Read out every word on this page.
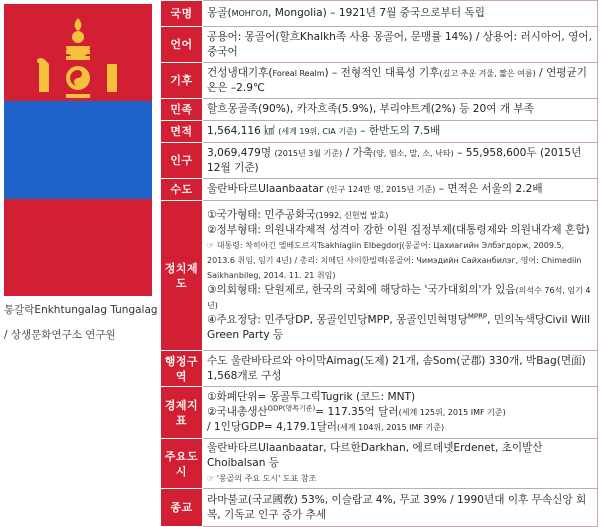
통갈락Enkhtungalag Tungalag
/ 상생문화연구소 연구원
국명	몽골(МОНГОЛ, Mongolia) – 1921년 7월 중국으로부터 독립
언어	공용어: 몽골어(할흐Khalkh족 사용 몽골어, 문맹률 14%) / 상용어: 러시아어, 영어, 중국어
기후	건성냉대기후(Foreal Realm) – 전형적인 대륙성 기후(길고 추운 겨울, 짧은 여름) / 연평균기온은 –2.9℃
민족	할흐몽골족(90%), 카자흐족(5.9%), 부리야트계(2%) 등 20여 개 부족
면적	1,564,116 ㎢ (세계 19위, CIA 기준) – 한반도의 7.5배
인구	3,069,479명 (2015년 3월 기준) / 가축(양, 염소, 말, 소, 낙타) – 55,958,600두 (2015년 12월 기준)
수도	울란바타르Ulaanbaatar (인구 124만 명, 2015년 기준) – 면적은 서울의 2.2배
정치제도	①국가형태: 민주공화국(1992, 신헌법 발효)
②정부형태: 의원내각제적 성격이 강한 이원 집정부제(대통령제와 의원내각제 혼합)
☞ 대통령: 차히아긴 엘베도르지Tsakhiagiin Elbegdorj(몽골어: Цахиагийн Элбэгдорж, 2009.5, 2013.6 취임, 임기 4년) / 총리: 치메딘 사이한빌렉(몽골어: Чимэдийн Сайханбилэг, 영어: Chimediin Saikhanbileg, 2014. 11. 21 취임)
③의회형태: 단원제로, 한국의 국회에 해당하는 '국가대회의'가 있음(의석수 76석, 임기 4년)
④주요정당: 민주당DP, 몽골인민당MPP, 몽골인민혁명당$^{MPRP}$, 민의녹색당Civil Will Green Party 등

행정구역	수도 울란바타르와 아이막Aimag(도제) 21개, 솜Som(군郡) 330개, 박Bag(면面) 1,568개로 구성
경제지표	①화폐단위= 몽골투그릭Tugrik (코드: MNT)
②국내총생산$^{GDP(명목기준)}$= 117.35억 달러(세계 125위, 2015 IMF 기준)
/ 1인당GDP= 4,179.1달러(세계 104위, 2015 IMF 기준)

주요도시	울란바타르Ulaanbaatar, 다르한Darkhan, 에르데넷Erdenet, 초이발산Choibalsan 등
☞ '몽골의 주요 도시' 도표 참조

종교	라마불교(국교國敎) 53%, 이슬람교 4%, 무교 39% / 1990년대 이후 무속신앙 회복, 기독교 인구 증가 추세
